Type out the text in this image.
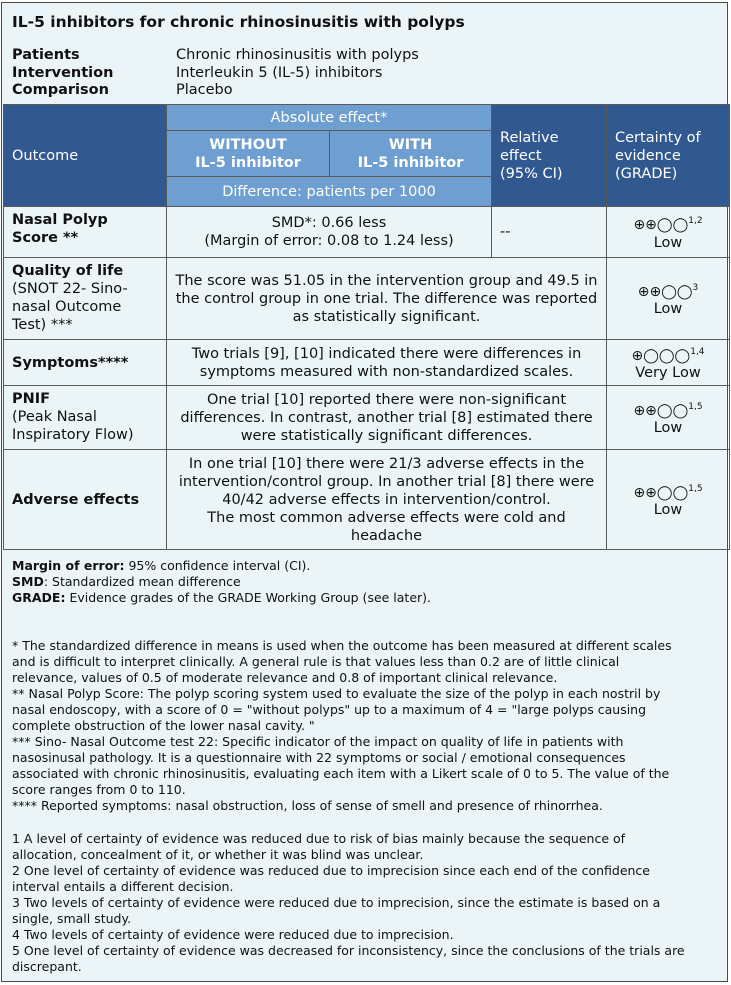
IL-5 inhibitors for chronic rhinosinusitis with polyps
Patients	Chronic rhinosinusitis with polyps
Intervention	Interleukin 5 (IL-5) inhibitors
Comparison	Placebo
Outcome	Absolute effect*		Relative
effect
(95% CI)	Certainty of
evidence
(GRADE)
	WITHOUT
IL-5 inhibitor	WITH
IL-5 inhibitor		
	Difference: patients per 1000			
Nasal Polyp
Score **	SMD*: 0.66 less
(Margin of error: 0.08 to 1.24 less)		--	⊕⊕◯◯$^{1,2}$
Low
Quality of life
(SNOT 22- Sino-
nasal Outcome
Test) ***	The score was 51.05 in the intervention group and 49.5 in
the control group in one trial. The difference was reported
as statistically significant.			⊕⊕◯◯$^3$
Low
Symptoms****	Two trials [9], [10] indicated there were differences in
symptoms measured with non-standardized scales.			⊕◯◯◯$^{1,4}$
Very Low
PNIF
(Peak Nasal
Inspiratory Flow)	One trial [10] reported there were non-significant
differences. In contrast, another trial [8] estimated there
were statistically significant differences.			⊕⊕◯◯$^{1,5}$
Low
Adverse effects	In one trial [10] there were 21/3 adverse effects in the
intervention/control group. In another trial [8] there were
40/42 adverse effects in intervention/control.
The most common adverse effects were cold and
headache			⊕⊕◯◯$^{1,5}$
Low

Margin of error: 95% confidence interval (CI).

SMD: Standardized mean difference

GRADE: Evidence grades of the GRADE Working Group (see later).

* The standardized difference in means is used when the outcome has been measured at different scales

and is difficult to interpret clinically. A general rule is that values less than 0.2 are of little clinical

relevance, values of 0.5 of moderate relevance and 0.8 of important clinical relevance.

** Nasal Polyp Score: The polyp scoring system used to evaluate the size of the polyp in each nostril by

nasal endoscopy, with a score of 0 = "without polyps" up to a maximum of 4 = "large polyps causing

complete obstruction of the lower nasal cavity. "

*** Sino- Nasal Outcome test 22: Specific indicator of the impact on quality of life in patients with

nasosinusal pathology. It is a questionnaire with 22 symptoms or social / emotional consequences

associated with chronic rhinosinusitis, evaluating each item with a Likert scale of 0 to 5. The value of the

score ranges from 0 to 110.

**** Reported symptoms: nasal obstruction, loss of sense of smell and presence of rhinorrhea.

1 A level of certainty of evidence was reduced due to risk of bias mainly because the sequence of

allocation, concealment of it, or whether it was blind was unclear.

2 One level of certainty of evidence was reduced due to imprecision since each end of the confidence

interval entails a different decision.

3 Two levels of certainty of evidence were reduced due to imprecision, since the estimate is based on a

single, small study.

4 Two levels of certainty of evidence were reduced due to imprecision.

5 One level of certainty of evidence was decreased for inconsistency, since the conclusions of the trials are

discrepant.
